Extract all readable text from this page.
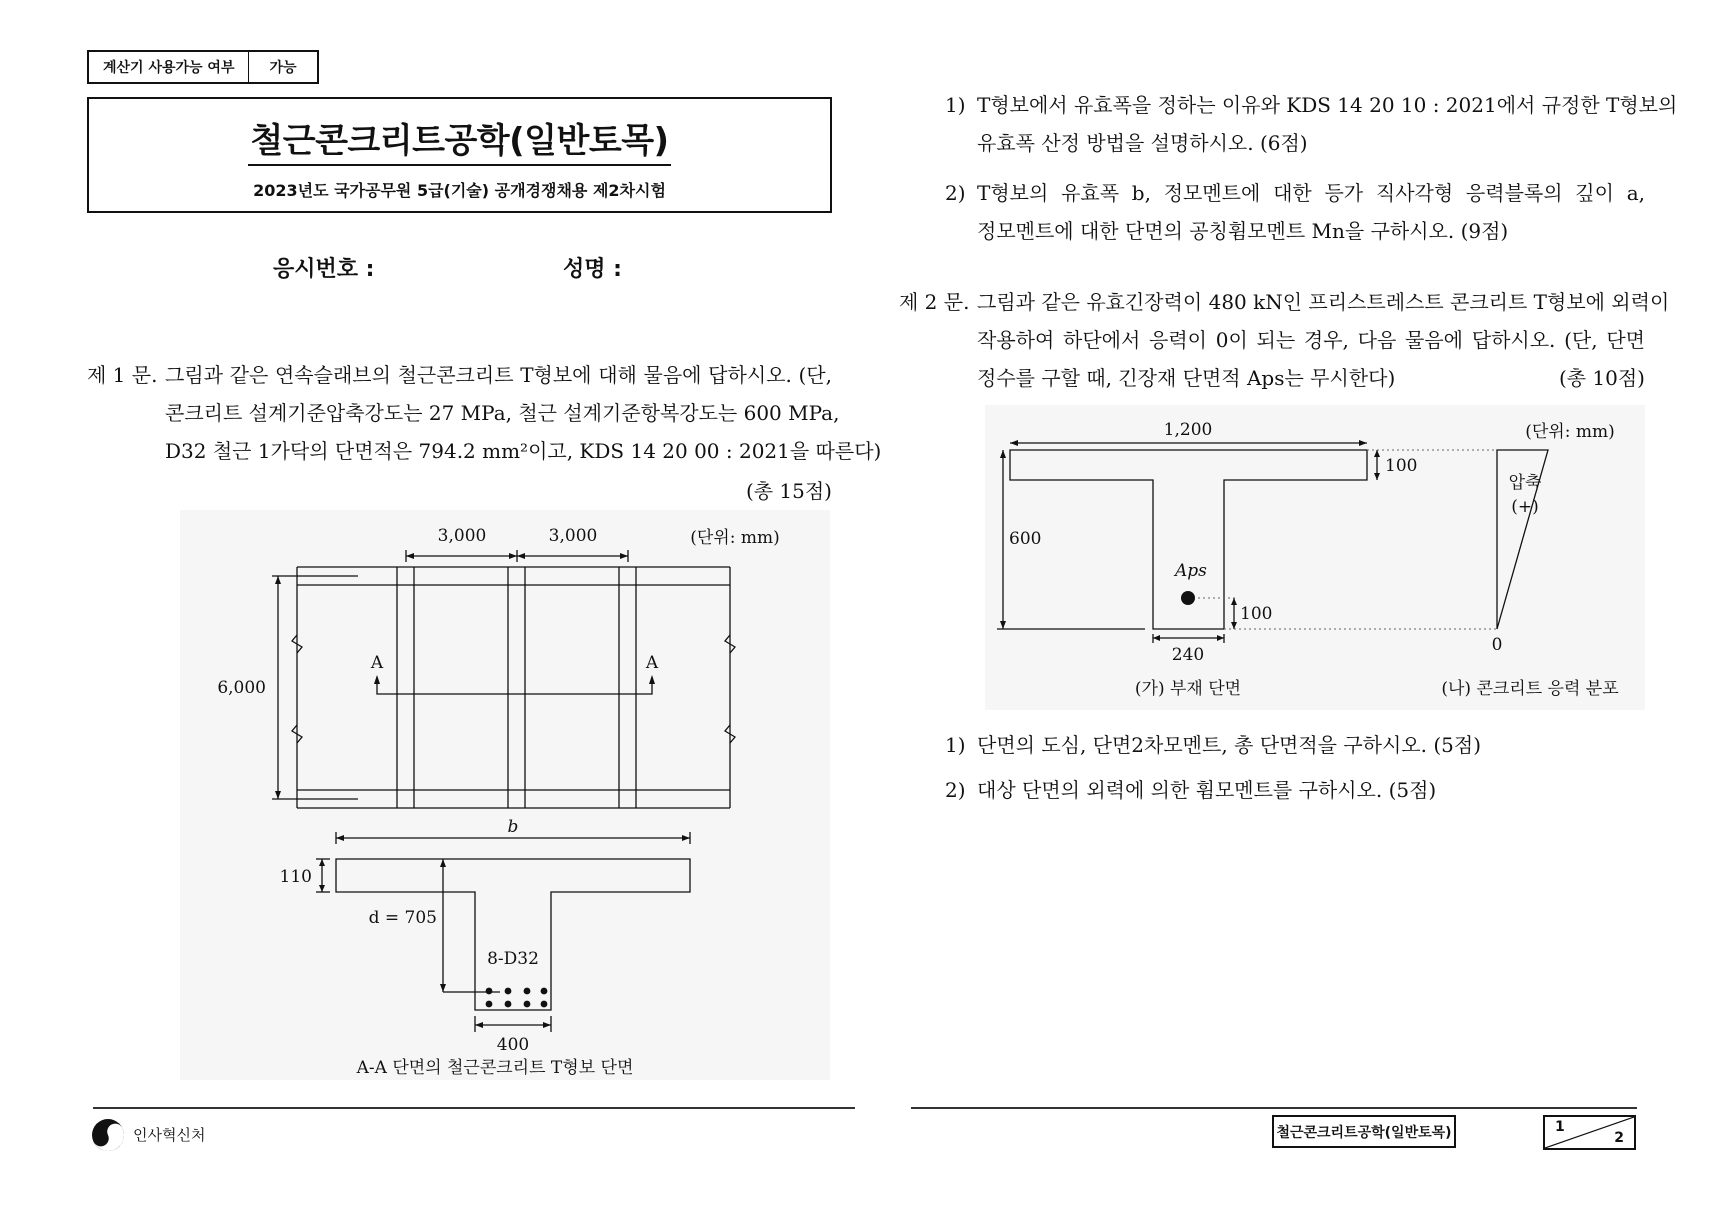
계산기 사용가능 여부	가능
철근콘크리트공학(일반토목)
2023년도 국가공무원 5급(기술) 공개경쟁채용 제2차시험
응시번호 :	성명 :
제 1 문. 그림과 같은 연속슬래브의 철근콘크리트 T형보에 대해 물음에 답하시오. (단,
콘크리트 설계기준압축강도는 27 MPa, 철근 설계기준항복강도는 600 MPa,
D32 철근 1가닥의 단면적은 794.2 mm²이고, KDS 14 20 00 : 2021을 따른다)
(총 15점)
3,000	3,000	(단위: mm)
6,000
A	A
b
110
d = 705
8-D32
400
A-A 단면의 철근콘크리트 T형보 단면
1) T형보에서 유효폭을 정하는 이유와 KDS 14 20 10 : 2021에서 규정한 T형보의
유효폭 산정 방법을 설명하시오. (6점)
2) T형보의 유효폭 b, 정모멘트에 대한 등가 직사각형 응력블록의 깊이 a,
정모멘트에 대한 단면의 공칭휨모멘트 Mn을 구하시오. (9점)
제 2 문. 그림과 같은 유효긴장력이 480 kN인 프리스트레스트 콘크리트 T형보에 외력이
작용하여 하단에서 응력이 0이 되는 경우, 다음 물음에 답하시오. (단, 단면
정수를 구할 때, 긴장재 단면적 Aps는 무시한다)	(총 10점)
1,200	(단위: mm)
100
600
Aps
100
240
압축
(+)
0
(가) 부재 단면	(나) 콘크리트 응력 분포
1) 단면의 도심, 단면2차모멘트, 총 단면적을 구하시오. (5점)
2) 대상 단면의 외력에 의한 휨모멘트를 구하시오. (5점)
인사혁신처	철근콘크리트공학(일반토목)	1
2
